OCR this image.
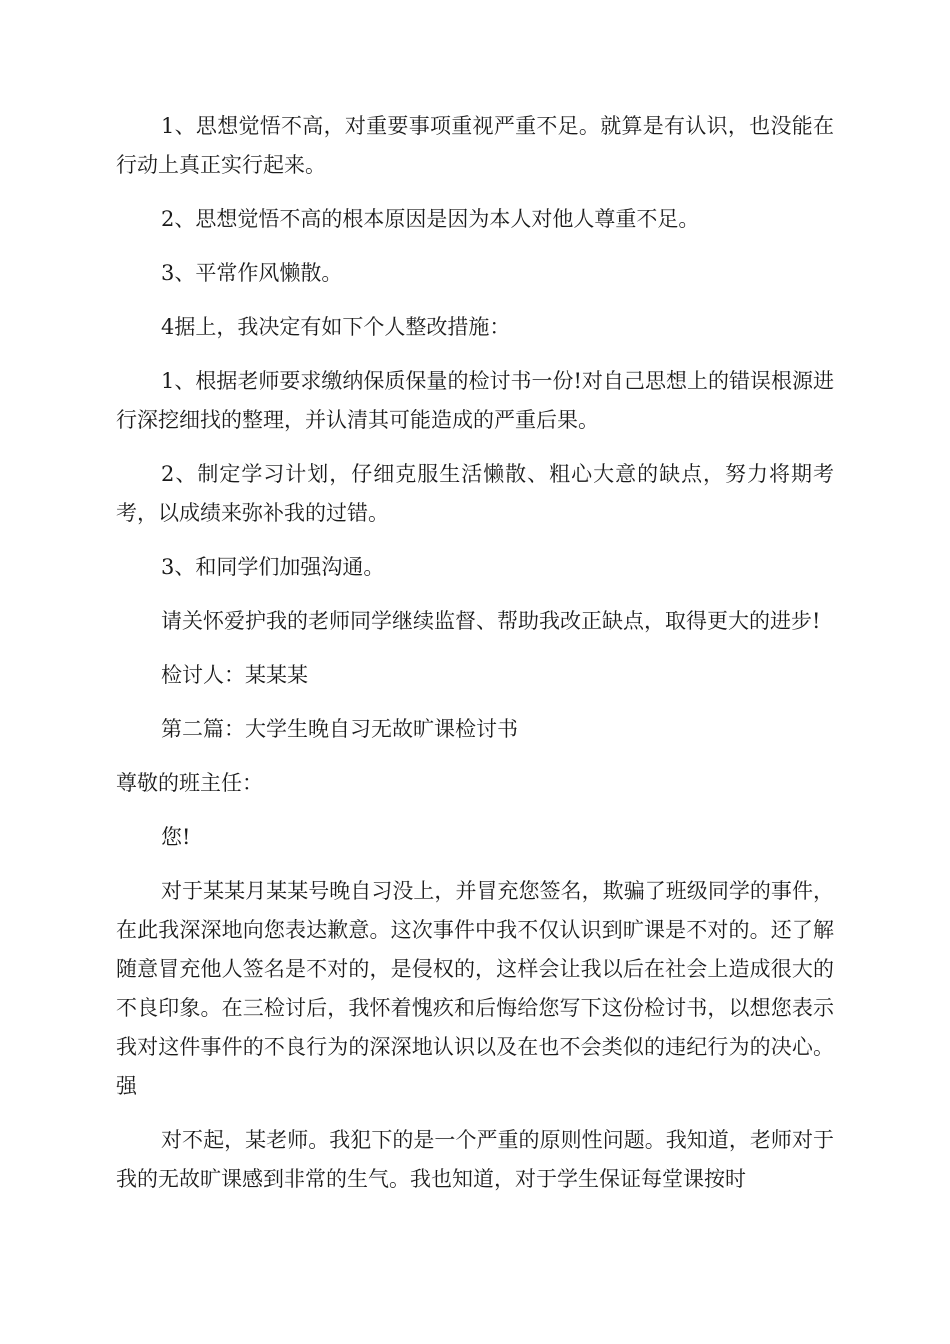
1、思想觉悟不高，对重要事项重视严重不足。就算是有认识，也没能在行动上真正实行起来。

2、思想觉悟不高的根本原因是因为本人对他人尊重不足。

3、平常作风懒散。

4据上，我决定有如下个人整改措施：

1、根据老师要求缴纳保质保量的检讨书一份!对自己思想上的错误根源进行深挖细找的整理，并认清其可能造成的严重后果。

2、制定学习计划，仔细克服生活懒散、粗心大意的缺点，努力将期考考，以成绩来弥补我的过错。

3、和同学们加强沟通。

请关怀爱护我的老师同学继续监督、帮助我改正缺点，取得更大的进步!

检讨人：某某某

第二篇：大学生晚自习无故旷课检讨书

尊敬的班主任：

您!

对于某某月某某号晚自习没上，并冒充您签名，欺骗了班级同学的事件，在此我深深地向您表达歉意。这次事件中我不仅认识到旷课是不对的。还了解随意冒充他人签名是不对的，是侵权的，这样会让我以后在社会上造成很大的不良印象。在三检讨后，我怀着愧疚和后悔给您写下这份检讨书，以想您表示我对这件事件的不良行为的深深地认识以及在也不会类似的违纪行为的决心。强

对不起，某老师。我犯下的是一个严重的原则性问题。我知道，老师对于我的无故旷课感到非常的生气。我也知道，对于学生保证每堂课按时
